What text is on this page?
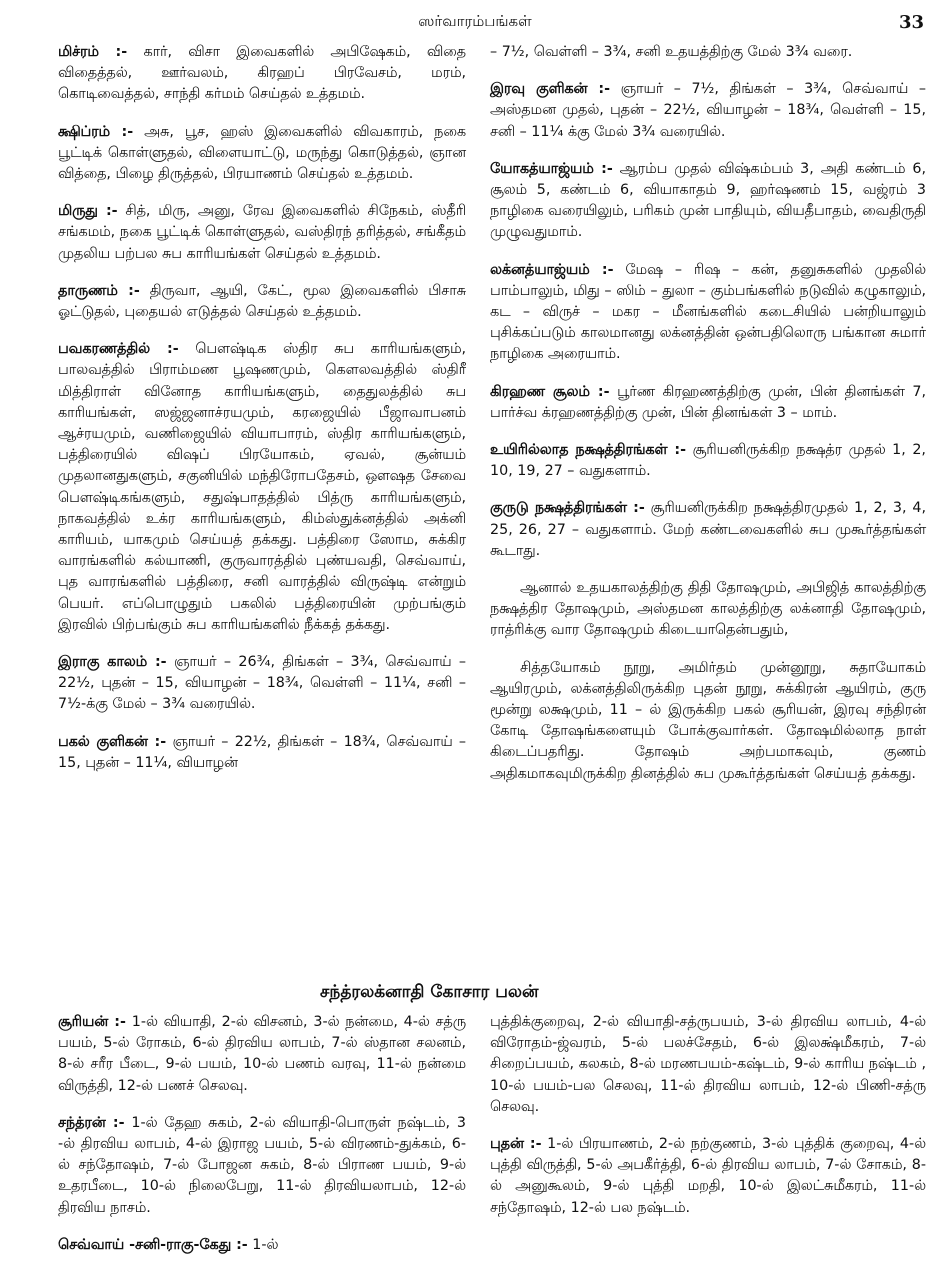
ஸர்வாரம்பங்கள்	33

மிச்ரம் :- கார், விசா இவைகளில் அபிஷேகம், விதை விதைத்தல், ஊர்வலம், கிரஹப் பிரவேசம், மரம், கொடிவைத்தல், சாந்தி கர்மம் செய்தல் உத்தமம்.

க்ஷிப்ரம் :- அசு, பூச, ஹஸ் இவைகளில் விவகாரம், நகை பூட்டிக் கொள்ளுதல், விளையாட்டு, மருந்து கொடுத்தல், ஞான வித்தை, பிழை திருத்தல், பிரயாணம் செய்தல் உத்தமம்.

மிருது :- சித், மிரு, அனு, ரேவ இவைகளில் சிநேகம், ஸ்தீரி சங்கமம், நகை பூட்டிக் கொள்ளுதல், வஸ்திரந் தரித்தல், சங்கீதம் முதலிய பற்பல சுப காரியங்கள் செய்தல் உத்தமம்.

தாருணம் :- திருவா, ஆயி, கேட், மூல இவைகளில் பிசாசு ஓட்டுதல், புதையல் எடுத்தல் செய்தல் உத்தமம்.

பவகரணத்தில் :- பௌஷ்டிக ஸ்திர சுப காரியங்களும், பாலவத்தில் பிராம்மண பூஷணமும், கௌலவத்தில் ஸ்திரீ மித்திராள் வினோத காரியங்களும், தைதுலத்தில் சுப காரியங்கள், ஸஜ்ஜனாச்ரயமும், கரஜையில் பீஜாவாபனம் ஆச்ரயமும், வணிஜையில் வியாபாரம், ஸ்திர காரியங்களும், பத்திரையில் விஷப் பிரயோகம், ஏவல், சூன்யம் முதலானதுகளும், சகுனியில் மந்திரோபதேசம், ஔஷத சேவை பௌஷ்டிகங்களும், சதுஷ்பாதத்தில் பித்ரு காரியங்களும், நாகவத்தில் உக்ர காரியங்களும், கிம்ஸ்துக்னத்தில் அக்னி காரியம், யாகமும் செய்யத் தக்கது. பத்திரை ஸோம, சுக்கிர வாரங்களில் கல்யாணி, குருவாரத்தில் புண்யவதி, செவ்வாய், புத வாரங்களில் பத்திரை, சனி வாரத்தில் விருஷ்டி என்றும் பெயர். எப்பொழுதும் பகலில் பத்திரையின் முற்பங்கும் இரவில் பிற்பங்கும் சுப காரியங்களில் நீக்கத் தக்கது.

இராகு காலம் :- ஞாயர் – 26¾, திங்கள் – 3¾, செவ்வாய் – 22½, புதன் – 15, வியாழன் – 18¾, வெள்ளி – 11¼, சனி – 7½-க்கு மேல் – 3¾ வரையில்.

பகல் குளிகன் :- ஞாயர் – 22½, திங்கள் – 18¾, செவ்வாய் – 15, புதன் – 11¼, வியாழன்

– 7½, வெள்ளி – 3¾, சனி உதயத்திற்கு மேல் 3¾ வரை.

இரவு குளிகன் :- ஞாயர் – 7½, திங்கள் – 3¾, செவ்வாய் – அஸ்தமன முதல், புதன் – 22½, வியாழன் – 18¾, வெள்ளி – 15, சனி – 11¼ க்கு மேல் 3¾ வரையில்.

யோகத்யாஜ்யம் :- ஆரம்ப முதல் விஷ்கம்பம் 3, அதி கண்டம் 6, சூலம் 5, கண்டம் 6, வியாகாதம் 9, ஹர்ஷணம் 15, வஜ்ரம் 3 நாழிகை வரையிலும், பரிகம் முன் பாதியும், வியதீபாதம், வைதிருதி முழுவதுமாம்.

லக்னத்யாஜ்யம் :- மேஷ – ரிஷ – கன், தனுசுகளில் முதலில் பாம்பாலும், மிது – ஸிம் – துலா – கும்பங்களில் நடுவில் கழுகாலும், கட – விருச் – மகர – மீனங்களில் கடைசியில் பன்றியாலும் புசிக்கப்படும் காலமானது லக்னத்தின் ஒன்பதிலொரு பங்கான சுமார் நாழிகை அரையாம்.

கிரஹண சூலம் :- பூர்ண கிரஹணத்திற்கு முன், பின் தினங்கள் 7, பார்ச்வ க்ரஹணத்திற்கு முன், பின் தினங்கள் 3 – மாம்.

உயிரில்லாத நக்ஷத்திரங்கள் :- சூரியனிருக்கிற நக்ஷத்ர முதல் 1, 2, 10, 19, 27 – வதுகளாம்.

குருடு நக்ஷத்திரங்கள் :- சூரியனிருக்கிற நக்ஷத்திரமுதல் 1, 2, 3, 4, 25, 26, 27 – வதுகளாம். மேற் கண்டவைகளில் சுப முகூர்த்தங்கள் கூடாது.

ஆனால் உதயகாலத்திற்கு திதி தோஷமும், அபிஜித் காலத்திற்கு நக்ஷத்திர தோஷமும், அஸ்தமன காலத்திற்கு லக்னாதி தோஷமும், ராத்ரிக்கு வார தோஷமும் கிடையாதென்பதும்,

சித்தயோகம் நூறு, அமிர்தம் முன்னூறு, சுதாயோகம் ஆயிரமும், லக்னத்திலிருக்கிற புதன் நூறு, சுக்கிரன் ஆயிரம், குரு மூன்று லக்ஷமும், 11 – ல் இருக்கிற பகல் சூரியன், இரவு சந்திரன் கோடி தோஷங்களையும் போக்குவார்கள். தோஷமில்லாத நாள் கிடைப்பதரிது. தோஷம் அற்பமாகவும், குணம் அதிகமாகவுமிருக்கிற தினத்தில் சுப முகூர்த்தங்கள் செய்யத் தக்கது.

சந்த்ரலக்னாதி கோசார பலன்

சூரியன் :- 1-ல் வியாதி, 2-ல் விசனம், 3-ல் நன்மை, 4-ல் சத்ரு பயம், 5-ல் ரோகம், 6-ல் திரவிய லாபம், 7-ல் ஸ்தான சலனம், 8-ல் சரீர பீடை, 9-ல் பயம், 10-ல் பணம் வரவு, 11-ல் நன்மை விருத்தி, 12-ல் பணச் செலவு.

சந்த்ரன் :- 1-ல் தேஹ சுகம், 2-ல் வியாதி-பொருள் நஷ்டம், 3 -ல் திரவிய லாபம், 4-ல் இராஜ பயம், 5-ல் விரணம்-துக்கம், 6-ல் சந்தோஷம், 7-ல் போஜன சுகம், 8-ல் பிராண பயம், 9-ல் உதரபீடை, 10-ல் நிலைபேறு, 11-ல் திரவியலாபம், 12-ல் திரவிய நாசம்.

செவ்வாய் -சனி-ராகு-கேது :- 1-ல்

புத்திக்குறைவு, 2-ல் வியாதி-சத்ருபயம், 3-ல் திரவிய லாபம், 4-ல் விரோதம்-ஜ்வரம், 5-ல் பலச்சேதம், 6-ல் இலக்ஷ்மீகரம், 7-ல் சிறைப்பயம், கலகம், 8-ல் மரணபயம்-கஷ்டம், 9-ல் காரிய நஷ்டம் , 10-ல் பயம்-பல செலவு, 11-ல் திரவிய லாபம், 12-ல் பிணி-சத்ரு செலவு.

புதன் :- 1-ல் பிரயாணம், 2-ல் நற்குணம், 3-ல் புத்திக் குறைவு, 4-ல் புத்தி விருத்தி, 5-ல் அபகீர்த்தி, 6-ல் திரவிய லாபம், 7-ல் சோகம், 8-ல் அனுகூலம், 9-ல் புத்தி மறதி, 10-ல் இலட்சுமீகரம், 11-ல் சந்தோஷம், 12-ல் பல நஷ்டம்.
